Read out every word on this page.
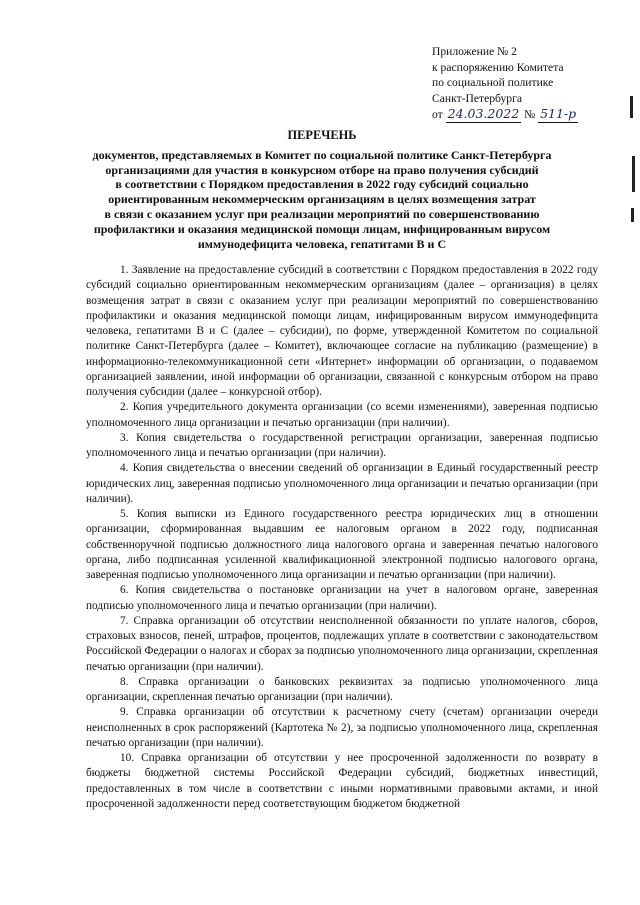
Приложение № 2
к распоряжению Комитета
по социальной политике
Санкт-Петербурга
от 24.03.2022 № 511-р
ПЕРЕЧЕНЬ
документов, представляемых в Комитет по социальной политике Санкт-Петербурга
организациями для участия в конкурсном отборе на право получения субсидий
в соответствии с Порядком предоставления в 2022 году субсидий социально
ориентированным некоммерческим организациям в целях возмещения затрат
в связи с оказанием услуг при реализации мероприятий по совершенствованию
профилактики и оказания медицинской помощи лицам, инфицированным вирусом
иммунодефицита человека, гепатитами B и C

1. Заявление на предоставление субсидий в соответствии с Порядком предоставления в 2022 году субсидий социально ориентированным некоммерческим организациям (далее – организация) в целях возмещения затрат в связи с оказанием услуг при реализации мероприятий по совершенствованию профилактики и оказания медицинской помощи лицам, инфицированным вирусом иммунодефицита человека, гепатитами B и C (далее – субсидии), по форме, утвержденной Комитетом по социальной политике Санкт-Петербурга (далее – Комитет), включающее согласие на публикацию (размещение) в информационно-телекоммуникационной сети «Интернет» информации об организации, о подаваемом организацией заявлении, иной информации об организации, связанной с конкурсным отбором на право получения субсидии (далее – конкурсной отбор).

2. Копия учредительного документа организации (со всеми изменениями), заверенная подписью уполномоченного лица организации и печатью организации (при наличии).

3. Копия свидетельства о государственной регистрации организации, заверенная подписью уполномоченного лица и печатью организации (при наличии).

4. Копия свидетельства о внесении сведений об организации в Единый государственный реестр юридических лиц, заверенная подписью уполномоченного лица организации и печатью организации (при наличии).

5. Копия выписки из Единого государственного реестра юридических лиц в отношении организации, сформированная выдавшим ее налоговым органом в 2022 году, подписанная собственноручной подписью должностного лица налогового органа и заверенная печатью налогового органа, либо подписанная усиленной квалификационной электронной подписью налогового органа, заверенная подписью уполномоченного лица организации и печатью организации (при наличии).

6. Копия свидетельства о постановке организации на учет в налоговом органе, заверенная подписью уполномоченного лица и печатью организации (при наличии).

7. Справка организации об отсутствии неисполненной обязанности по уплате налогов, сборов, страховых взносов, пеней, штрафов, процентов, подлежащих уплате в соответствии с законодательством Российской Федерации о налогах и сборах за подписью уполномоченного лица организации, скрепленная печатью организации (при наличии).

8. Справка организации о банковских реквизитах за подписью уполномоченного лица организации, скрепленная печатью организации (при наличии).

9. Справка организации об отсутствии к расчетному счету (счетам) организации очереди неисполненных в срок распоряжений (Картотека № 2), за подписью уполномоченного лица, скрепленная печатью организации (при наличии).

10. Справка организации об отсутствии у нее просроченной задолженности по возврату в бюджеты бюджетной системы Российской Федерации субсидий, бюджетных инвестиций, предоставленных в том числе в соответствии с иными нормативными правовыми актами, и иной просроченной задолженности перед соответствующим бюджетом бюджетной
